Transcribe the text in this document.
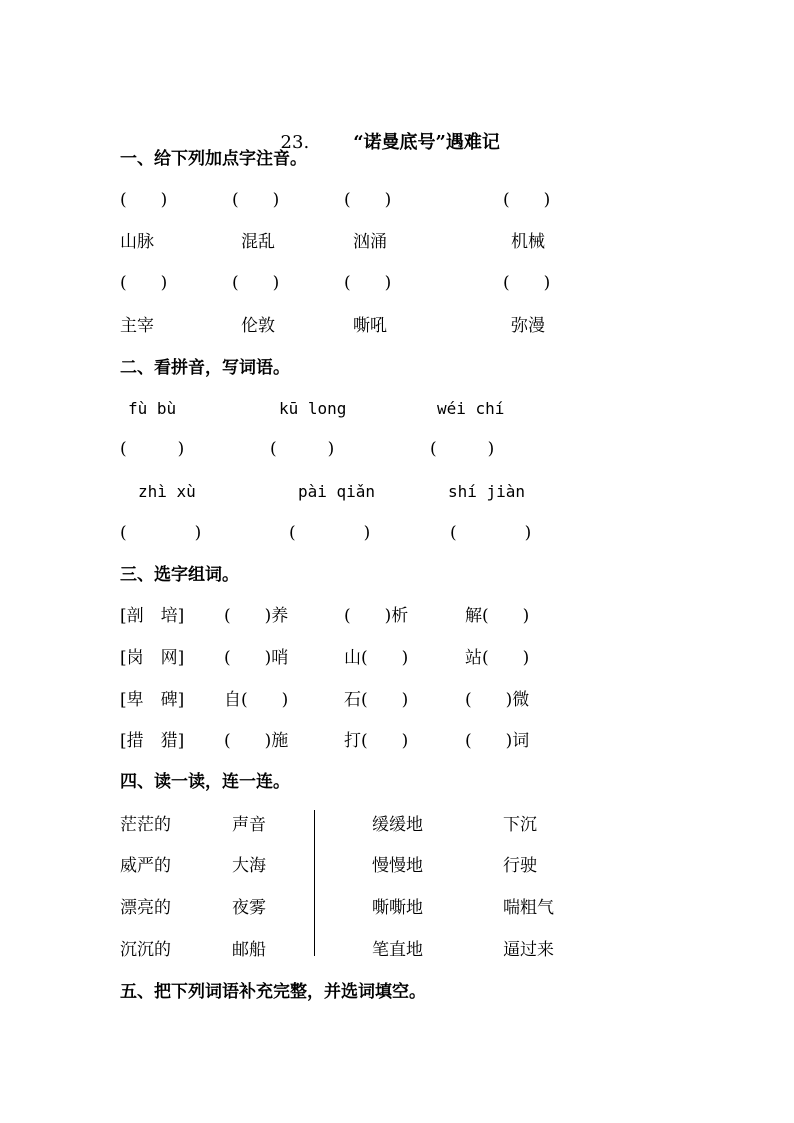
23. “诺曼底号”遇难记

一、给下列加点字注音。
(　　)	(　　)	(　　)	(　　)
山脉	混乱	汹涌	机械
(　　)	(　　)	(　　)	(　　)
主宰	伦敦	嘶吼	弥漫
二、看拼音，写词语。
fù bù	kū long	wéi chí
(　　　)	(　　　)	(　　　)
zhì xù	pài qiǎn	shí jiàn
(　　　　)	(　　　　)	(　　　　)
三、选字组词。
[剖　培] (　　)养	(　　)析	解(　　)
[岗　网] (　　)哨	山(　　)	站(　　)
[卑　碑] 自(　　)	石(　　)	(　　)微
[措　猎] (　　)施	打(　　)	(　　)词
四、读一读，连一连。
茫茫的	声音	缓缓地	下沉
威严的	大海	慢慢地	行驶
漂亮的	夜雾	嘶嘶地	喘粗气
沉沉的	邮船	笔直地	逼过来
五、把下列词语补充完整，并选词填空。
